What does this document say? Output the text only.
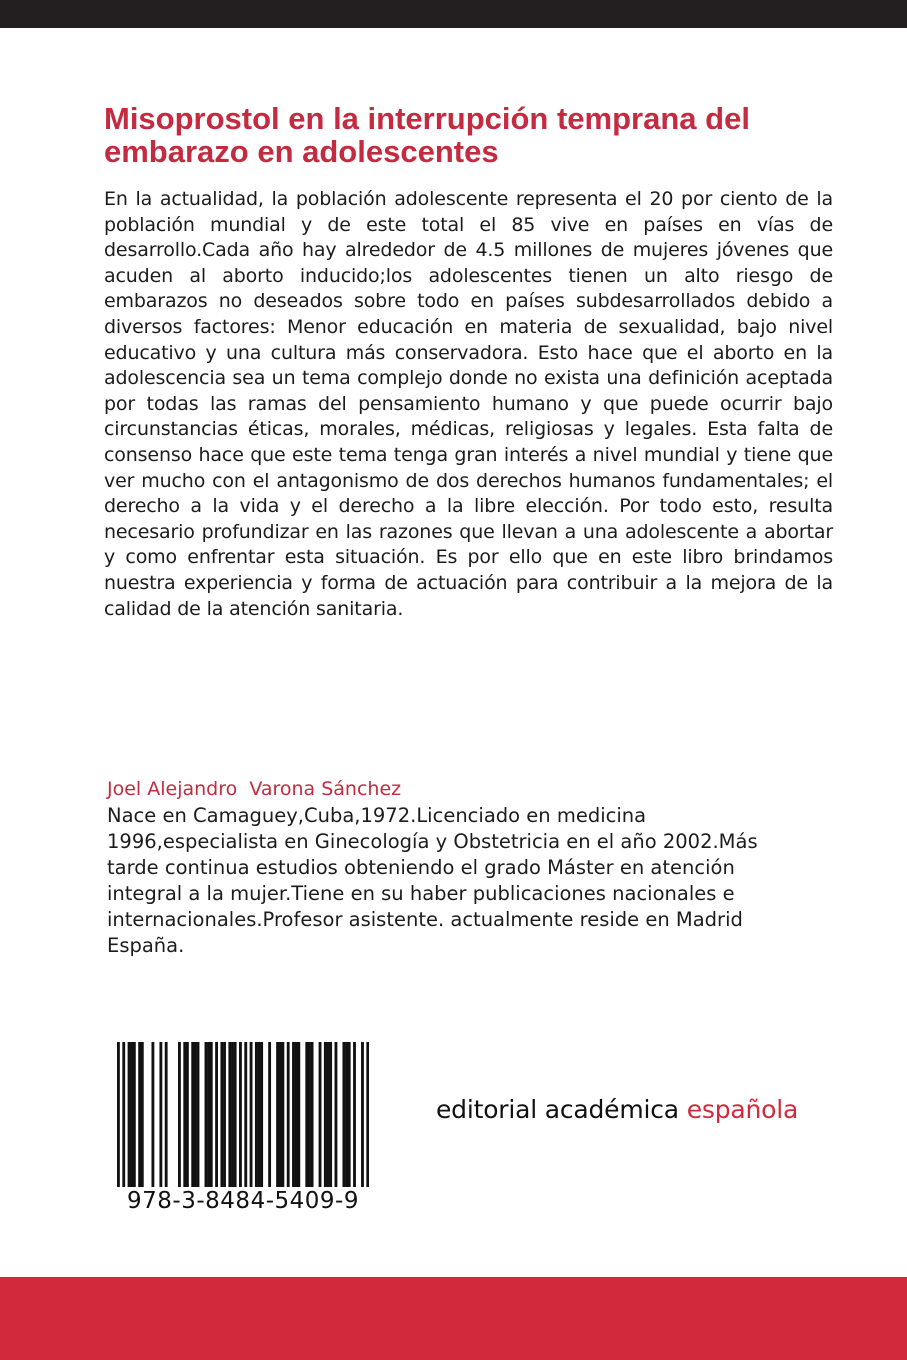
Misoprostol en la interrupción temprana del embarazo en adolescentes

En la actualidad, la población adolescente representa el 20 por ciento de la población mundial y de este total el 85 vive en países en vías de desarrollo.Cada año hay alrededor de 4.5 millones de mujeres jóvenes que acuden al aborto inducido;los adolescentes tienen un alto riesgo de embarazos no deseados sobre todo en países subdesarrollados debido a diversos factores: Menor educación en materia de sexualidad, bajo nivel educativo y una cultura más conservadora. Esto hace que el aborto en la adolescencia sea un tema complejo donde no exista una definición aceptada por todas las ramas del pensamiento humano y que puede ocurrir bajo circunstancias éticas, morales, médicas, religiosas y legales. Esta falta de consenso hace que este tema tenga gran interés a nivel mundial y tiene que ver mucho con el antagonismo de dos derechos humanos fundamentales; el derecho a la vida y el derecho a la libre elección. Por todo esto, resulta necesario profundizar en las razones que llevan a una adolescente a abortar y como enfrentar esta situación. Es por ello que en este libro brindamos nuestra experiencia y forma de actuación para contribuir a la mejora de la calidad de la atención sanitaria.

Joel Alejandro  Varona Sánchez

Nace en Camaguey,Cuba,1972.Licenciado en medicina 1996,especialista en Ginecología y Obstetricia en el año 2002.Más tarde continua estudios obteniendo el grado Máster en atención integral a la mujer.Tiene en su haber publicaciones nacionales e internacionales.Profesor asistente. actualmente reside en Madrid España.

978-3-8484-5409-9
editorial académica española
